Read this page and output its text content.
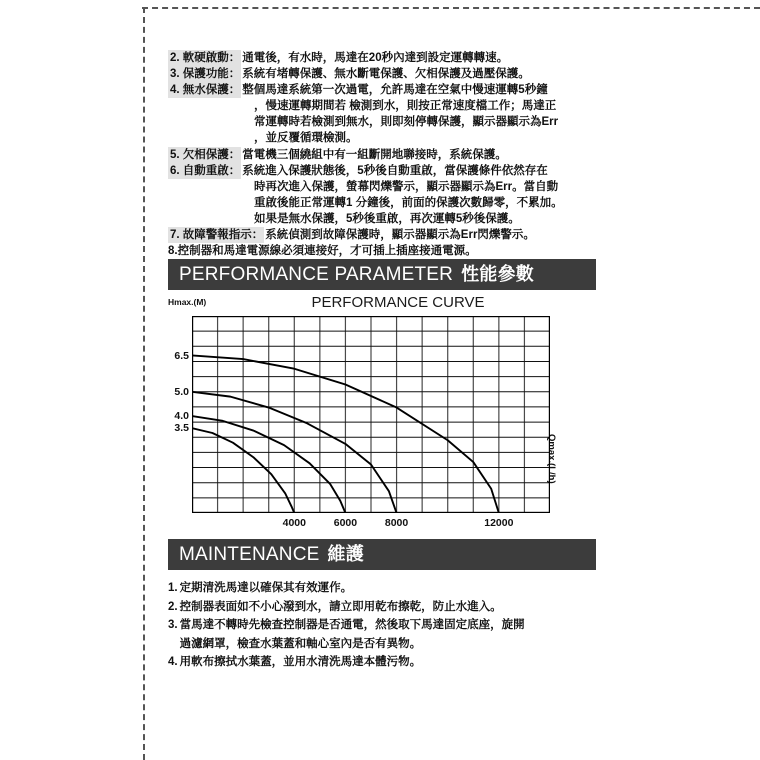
2. 軟硬啟動： 通電後，有水時，馬達在20秒內達到設定運轉轉速。
3. 保護功能： 系統有堵轉保護、無水斷電保護、欠相保護及過壓保護。
4. 無水保護： 整個馬達系統第一次過電，允許馬達在空氣中慢速運轉5秒鐘
，慢速運轉期間若 檢測到水，則按正常速度檔工作；馬達正
常運轉時若檢測到無水，則即刻停轉保護，顯示器顯示為Err
，並反覆循環檢測。
5. 欠相保護： 當電機三個繞組中有一組斷開地聯接時，系統保護。
6. 自動重啟： 系統進入保護狀態後，5秒後自動重啟，當保護條件依然存在
時再次進入保護，螢幕閃爍警示，顯示器顯示為Err。當自動
重啟後能正常運轉1 分鐘後，前面的保護次數歸零，不累加。
如果是無水保護，5秒後重啟，再次運轉5秒後保護。
7. 故障警報指示： 系統偵測到故障保護時，顯示器顯示為Err閃爍警示。
8.控制器和馬達電源線必須連接好，才可插上插座接通電源。
PERFORMANCE PARAMETER 性能參數
Hmax.(M)	PERFORMANCE CURVE
Qmax.(L/h)
6.5
5.0
4.0
3.5
4000	6000	8000	12000
MAINTENANCE 維護
1. 定期清洗馬達以確保其有效運作。
2. 控制器表面如不小心潑到水，請立即用乾布擦乾，防止水進入。
3. 當馬達不轉時先檢查控制器是否通電，然後取下馬達固定底座，旋開
過濾網罩，檢查水葉蓋和軸心室內是否有異物。
4. 用軟布擦拭水葉蓋，並用水清洗馬達本體污物。
